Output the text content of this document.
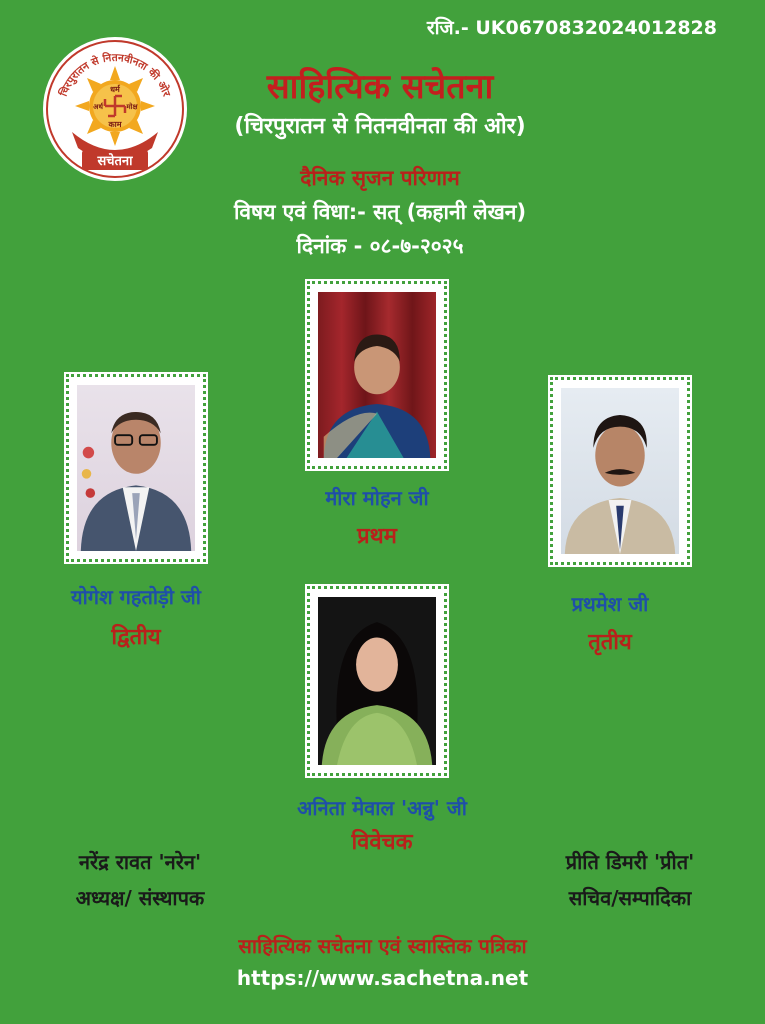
रजि.- UK0670832024012828
चिरपुरातन से नितनवीनता की ओर
धर्म
अर्थ	मोक्ष
काम
सचेतना
साहित्यिक सचेतना
(चिरपुरातन से नितनवीनता की ओर)
दैनिक सृजन परिणाम
विषय एवं विधा:- सत् (कहानी लेखन)
दिनांक - ०८-७-२०२५
मीरा मोहन जी
प्रथम
योगेश गहतोड़ी जी
द्वितीय
प्रथमेश जी
तृतीय
अनिता मेवाल 'अन्नु' जी
विवेचक
नरेंद्र रावत 'नरेन'
अध्यक्ष/ संस्थापक
प्रीति डिमरी 'प्रीत'
सचिव/सम्पादिका
साहित्यिक सचेतना एवं स्वास्तिक पत्रिका
https://www.sachetna.net
